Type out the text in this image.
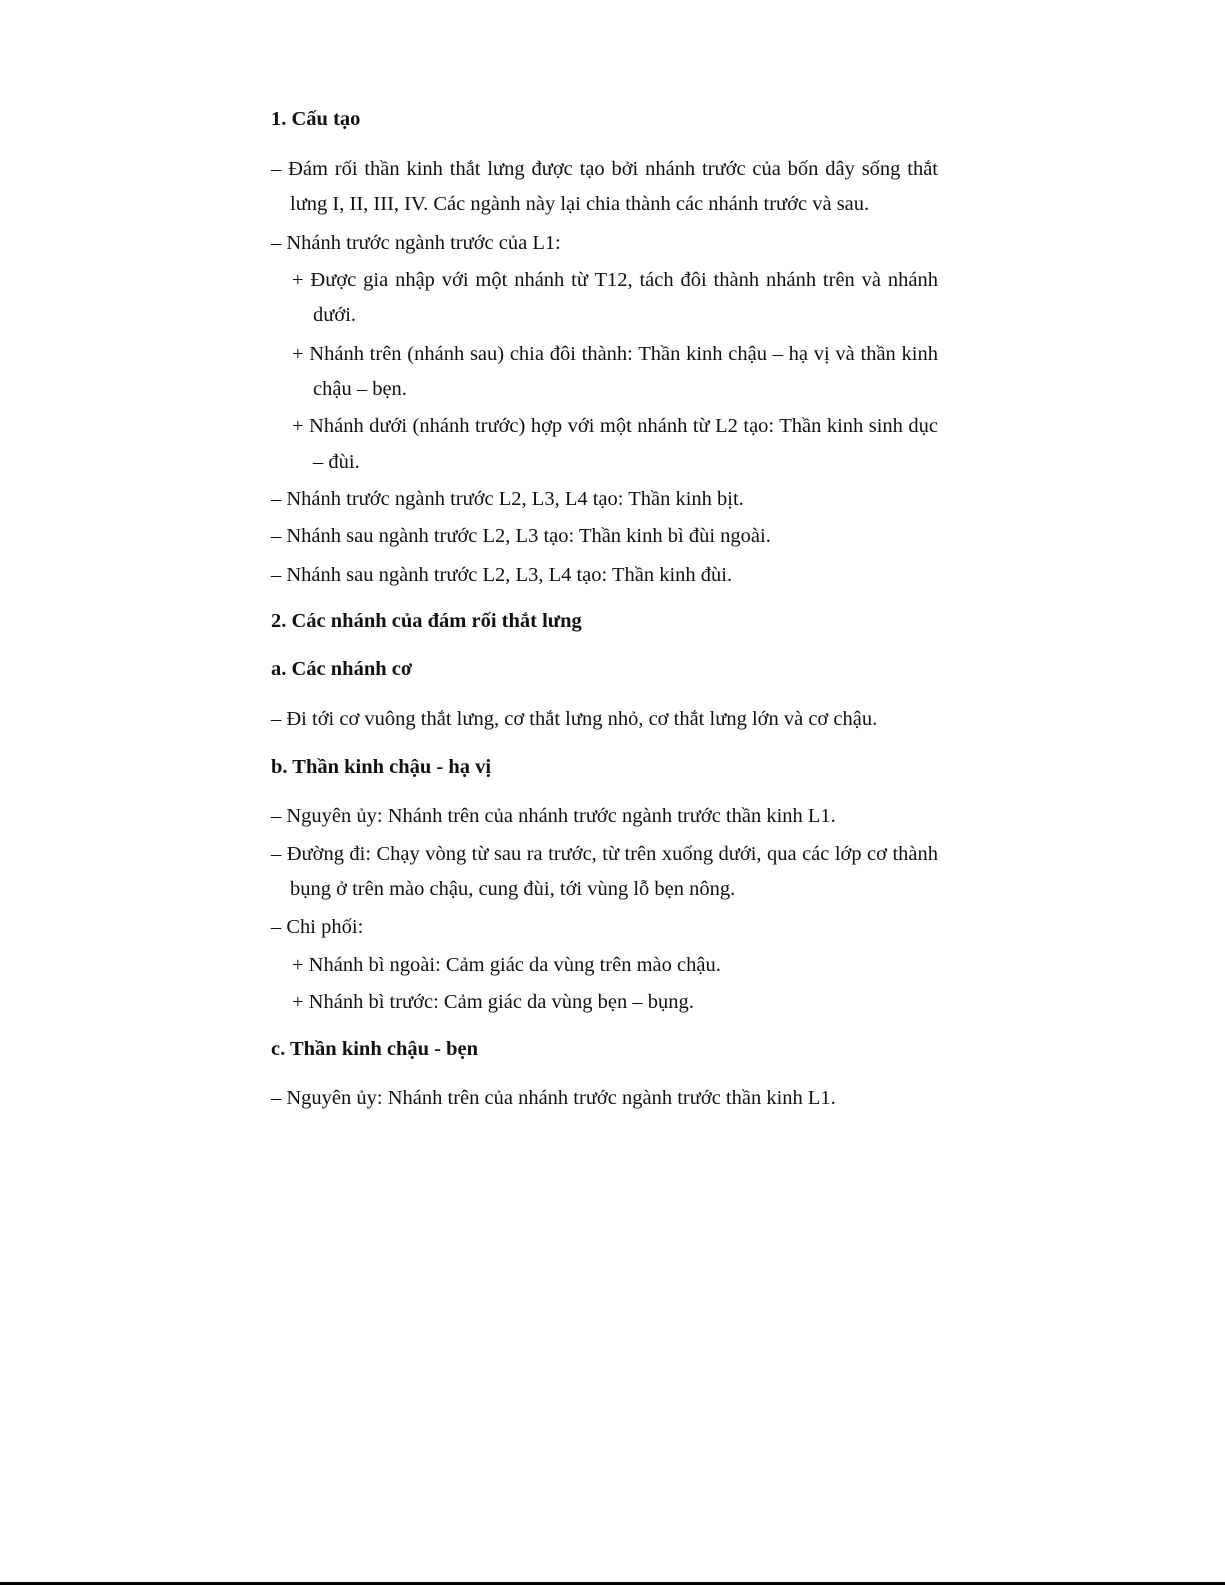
1. Cấu tạo
– Đám rối thần kinh thắt lưng được tạo bởi nhánh trước của bốn dây sống thắt
lưng I, II, III, IV. Các ngành này lại chia thành các nhánh trước và sau.
– Nhánh trước ngành trước của L1:
+ Được gia nhập với một nhánh từ T12, tách đôi thành nhánh trên và nhánh
dưới.
+ Nhánh trên (nhánh sau) chia đôi thành: Thần kinh chậu – hạ vị và thần kinh
chậu – bẹn.
+ Nhánh dưới (nhánh trước) hợp với một nhánh từ L2 tạo: Thần kinh sinh dục
– đùi.
– Nhánh trước ngành trước L2, L3, L4 tạo: Thần kinh bịt.
– Nhánh sau ngành trước L2, L3 tạo: Thần kinh bì đùi ngoài.
– Nhánh sau ngành trước L2, L3, L4 tạo: Thần kinh đùi.
2. Các nhánh của đám rối thắt lưng
a. Các nhánh cơ
– Đi tới cơ vuông thắt lưng, cơ thắt lưng nhỏ, cơ thắt lưng lớn và cơ chậu.
b. Thần kinh chậu - hạ vị
– Nguyên ủy: Nhánh trên của nhánh trước ngành trước thần kinh L1.
– Đường đi: Chạy vòng từ sau ra trước, từ trên xuống dưới, qua các lớp cơ thành
bụng ở trên mào chậu, cung đùi, tới vùng lỗ bẹn nông.
– Chi phối:
+ Nhánh bì ngoài: Cảm giác da vùng trên mào chậu.
+ Nhánh bì trước: Cảm giác da vùng bẹn – bụng.
c. Thần kinh chậu - bẹn
– Nguyên ủy: Nhánh trên của nhánh trước ngành trước thần kinh L1.
